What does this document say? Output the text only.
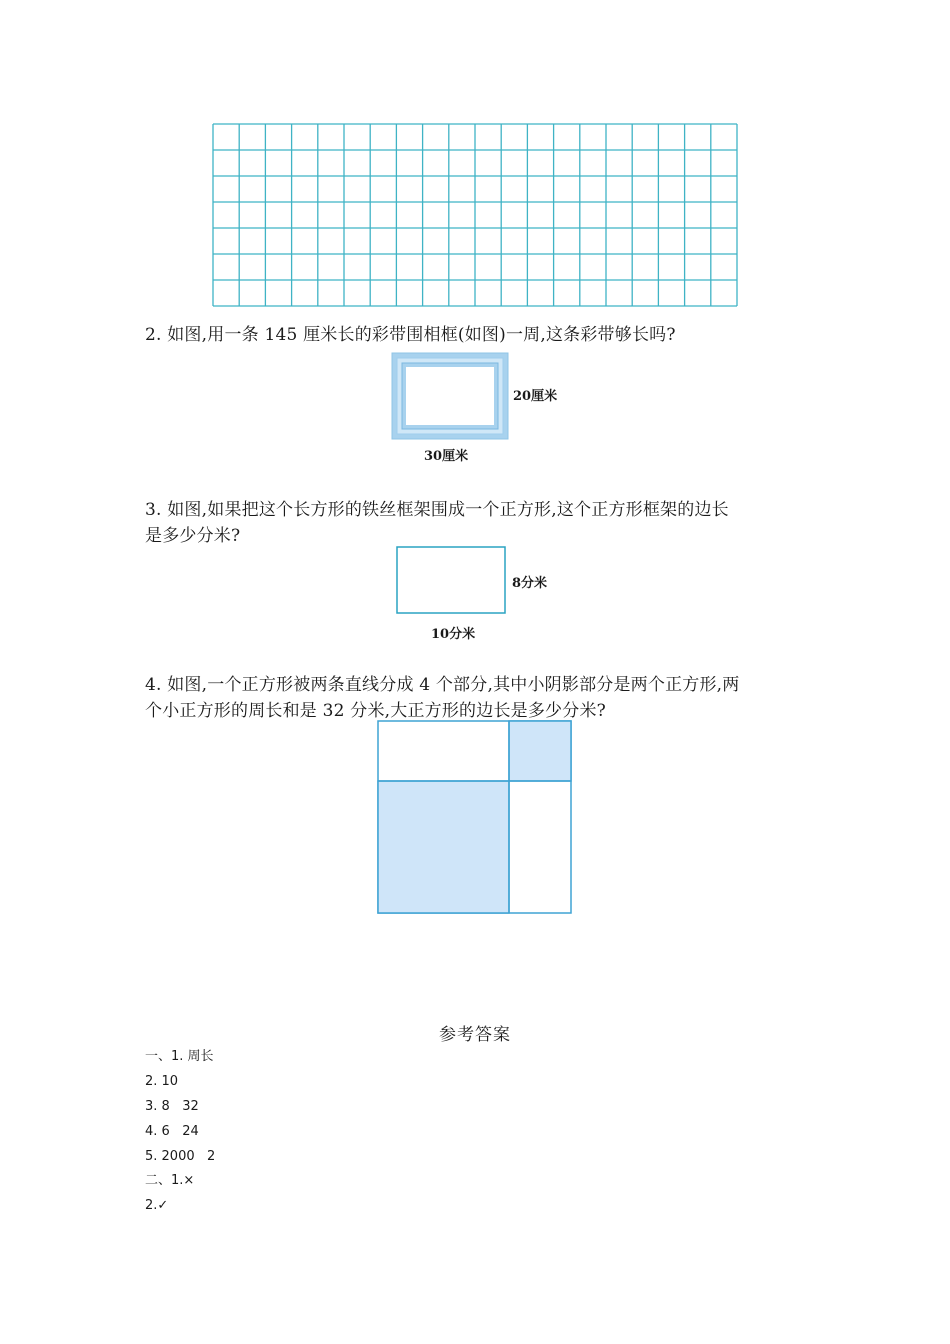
2. 如图,用一条 145 厘米长的彩带围相框(如图)一周,这条彩带够长吗?
20厘米
30厘米
3. 如图,如果把这个长方形的铁丝框架围成一个正方形,这个正方形框架的边长
是多少分米?
8分米
10分米
4. 如图,一个正方形被两条直线分成 4 个部分,其中小阴影部分是两个正方形,两
个小正方形的周长和是 32 分米,大正方形的边长是多少分米?
参考答案
一、1. 周长
2. 10
3. 8   32
4. 6   24
5. 2000   2
二、1.×
2.✓
